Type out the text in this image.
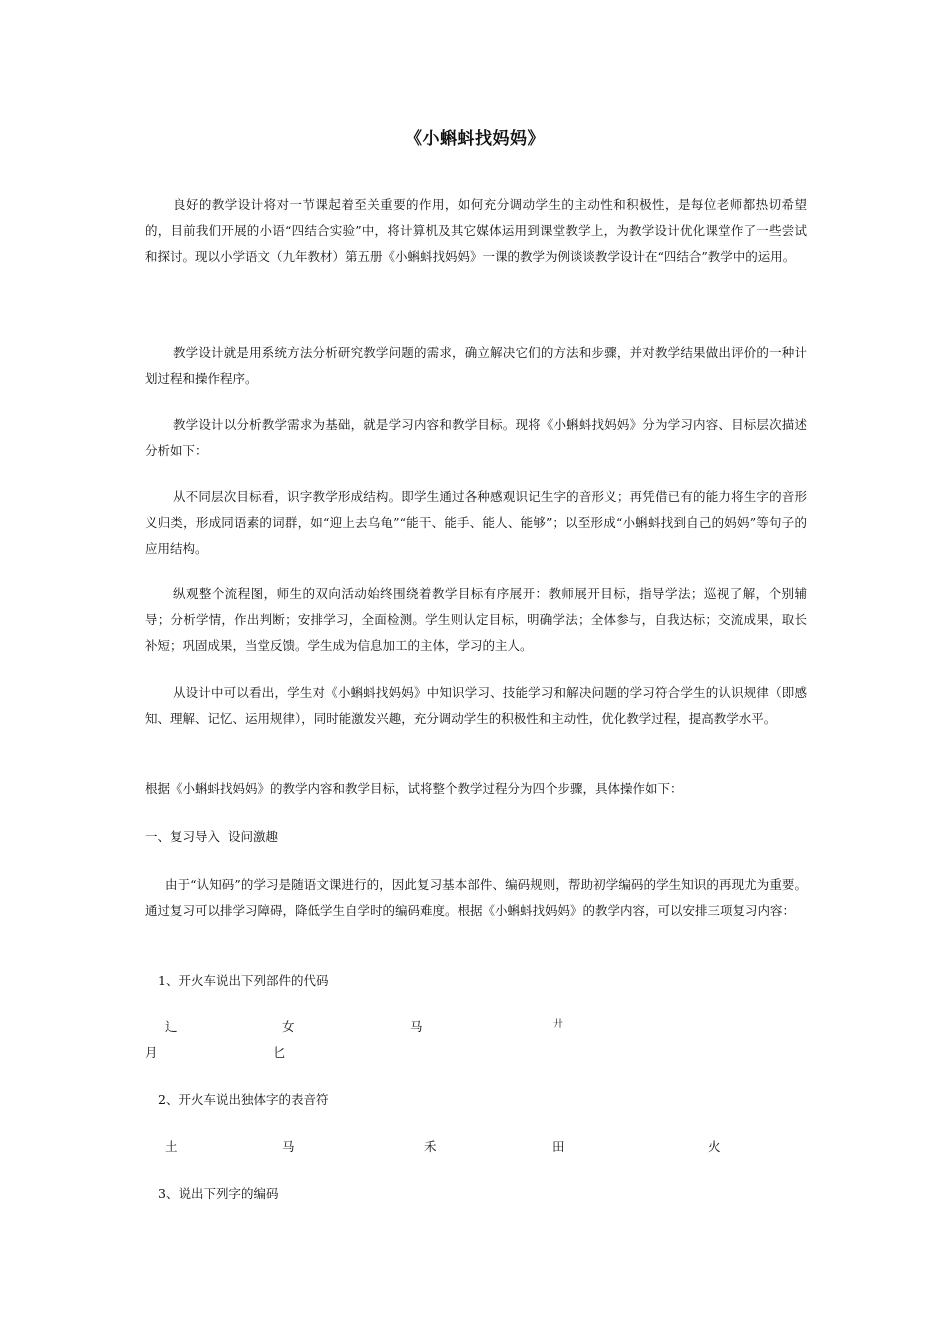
《小蝌蚪找妈妈》

良好的教学设计将对一节课起着至关重要的作用，如何充分调动学生的主动性和积极性，是每位老师都热切希望的，目前我们开展的小语“四结合实验”中，将计算机及其它媒体运用到课堂教学上，为教学设计优化课堂作了一些尝试和探讨。现以小学语文（九年教材）第五册《小蝌蚪找妈妈》一课的教学为例谈谈教学设计在“四结合”教学中的运用。

教学设计就是用系统方法分析研究教学问题的需求，确立解决它们的方法和步骤，并对教学结果做出评价的一种计划过程和操作程序。

教学设计以分析教学需求为基础，就是学习内容和教学目标。现将《小蝌蚪找妈妈》分为学习内容、目标层次描述分析如下：

从不同层次目标看，识字教学形成结构。即学生通过各种感观识记生字的音形义；再凭借已有的能力将生字的音形义归类，形成同语素的词群，如“迎上去乌龟”“能干、能手、能人、能够”；以至形成“小蝌蚪找到自己的妈妈”等句子的应用结构。

纵观整个流程图，师生的双向活动始终围绕着教学目标有序展开：教师展开目标，指导学法；巡视了解，个别辅导；分析学情，作出判断；安排学习，全面检测。学生则认定目标，明确学法；全体参与，自我达标；交流成果，取长补短；巩固成果，当堂反馈。学生成为信息加工的主体，学习的主人。

从设计中可以看出，学生对《小蝌蚪找妈妈》中知识学习、技能学习和解决问题的学习符合学生的认识规律（即感知、理解、记忆、运用规律），同时能激发兴趣，充分调动学生的积极性和主动性，优化教学过程，提高教学水平。

根据《小蝌蚪找妈妈》的教学内容和教学目标，试将整个教学过程分为四个步骤，具体操作如下：

一、复习导入  设问激趣

由于“认知码”的学习是随语文课进行的，因此复习基本部件、编码规则，帮助初学编码的学生知识的再现尤为重要。通过复习可以排学习障碍，降低学生自学时的编码难度。根据《小蝌蚪找妈妈》的教学内容，可以安排三项复习内容：

1、开火车说出下列部件的代码

辶	女	马	廾
月	匕

2、开火车说出独体字的表音符

土	马	禾	田	火

3、说出下列字的编码
